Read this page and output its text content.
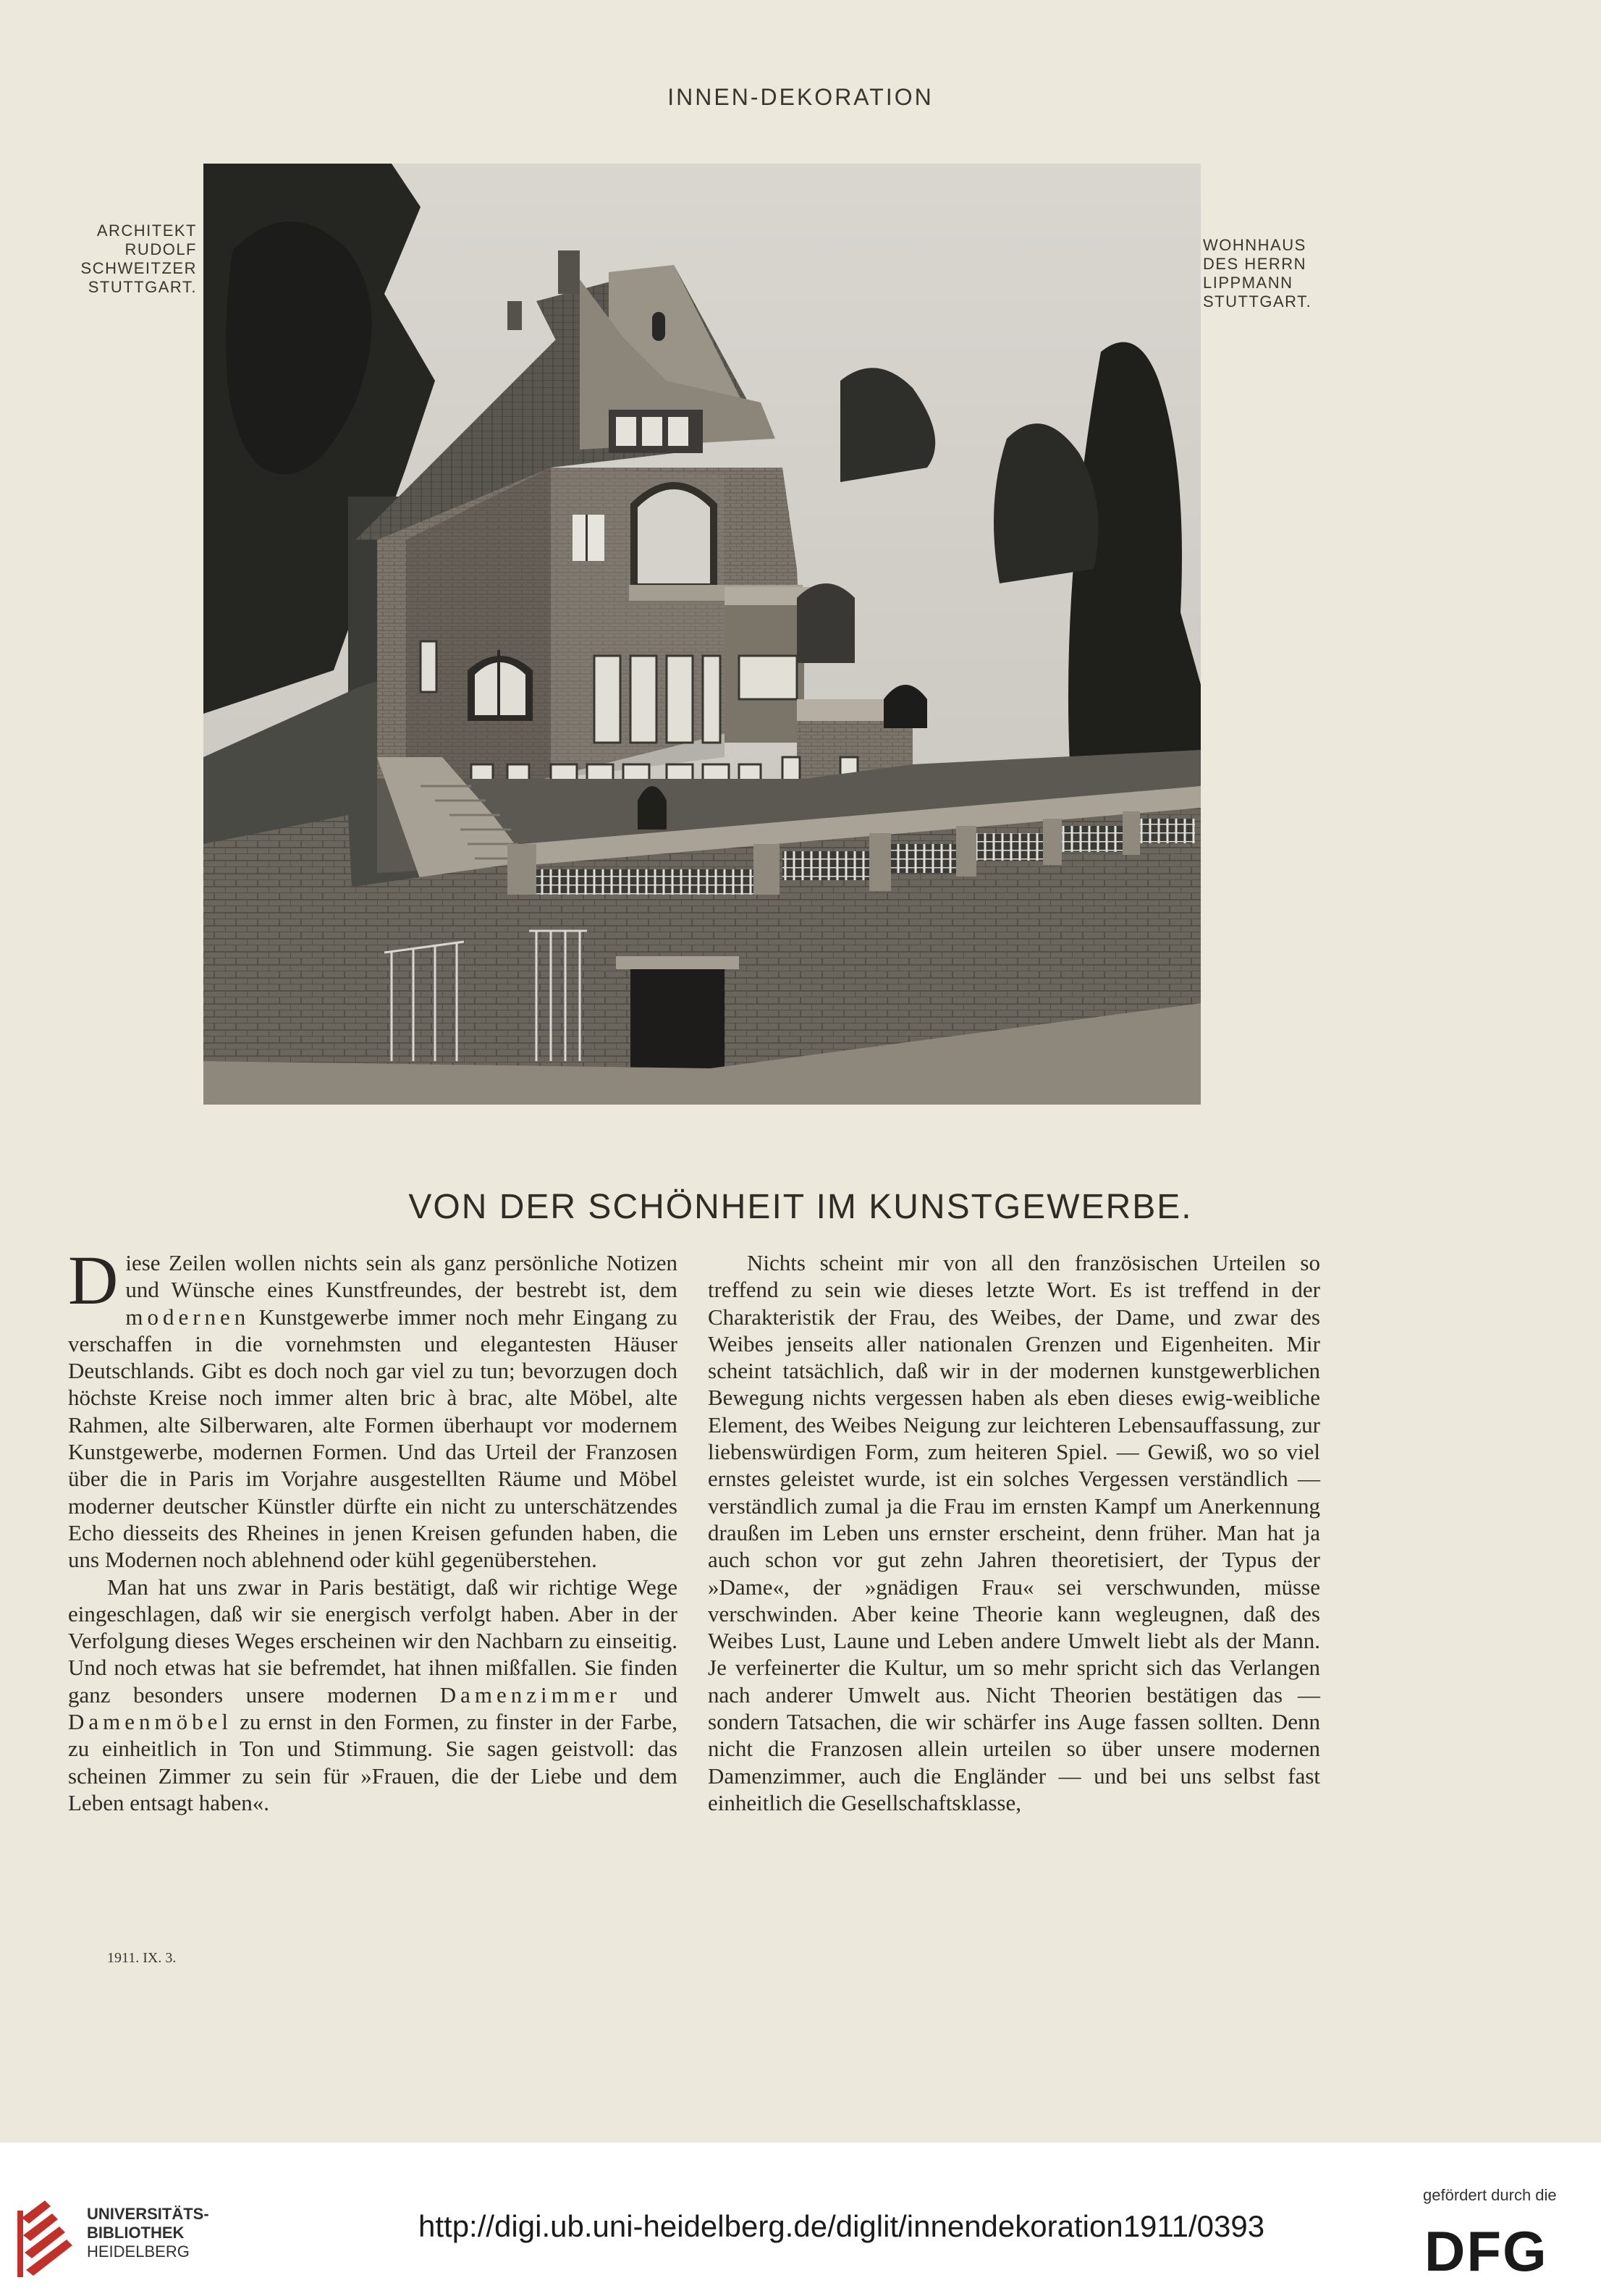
INNEN-DEKORATION
ARCHITEKT
RUDOLF
SCHWEITZER
STUTTGART.
WOHNHAUS
DES HERRN
LIPPMANN
STUTTGART.
VON DER SCHÖNHEIT IM KUNSTGEWERBE.

Diese Zeilen wollen nichts sein als ganz persönliche Notizen und Wünsche eines Kunstfreundes, der bestrebt ist, dem modernen Kunstgewerbe immer noch mehr Eingang zu verschaffen in die vornehmsten und elegantesten Häuser Deutschlands. Gibt es doch noch gar viel zu tun; bevorzugen doch höchste Kreise noch immer alten bric à brac, alte Möbel, alte Rahmen, alte Silberwaren, alte Formen überhaupt vor modernem Kunstgewerbe, modernen Formen. Und das Urteil der Franzosen über die in Paris im Vorjahre ausgestellten Räume und Möbel moderner deutscher Künstler dürfte ein nicht zu unterschätzendes Echo diesseits des Rheines in jenen Kreisen gefunden haben, die uns Modernen noch ablehnend oder kühl gegenüberstehen.

Man hat uns zwar in Paris bestätigt, daß wir richtige Wege eingeschlagen, daß wir sie energisch verfolgt haben. Aber in der Verfolgung dieses Weges erscheinen wir den Nachbarn zu einseitig. Und noch etwas hat sie befremdet, hat ihnen mißfallen. Sie finden ganz besonders unsere modernen Damenzimmer und Damenmöbel zu ernst in den Formen, zu finster in der Farbe, zu einheitlich in Ton und Stimmung. Sie sagen geistvoll: das scheinen Zimmer zu sein für »Frauen, die der Liebe und dem Leben entsagt haben«.

Nichts scheint mir von all den französischen Urteilen so treffend zu sein wie dieses letzte Wort. Es ist treffend in der Charakteristik der Frau, des Weibes, der Dame, und zwar des Weibes jenseits aller nationalen Grenzen und Eigenheiten. Mir scheint tatsächlich, daß wir in der modernen kunstgewerblichen Bewegung nichts vergessen haben als eben dieses ewig-weibliche Element, des Weibes Neigung zur leichteren Lebensauffassung, zur liebenswürdigen Form, zum heiteren Spiel. — Gewiß, wo so viel ernstes geleistet wurde, ist ein solches Vergessen verständlich — verständlich zumal ja die Frau im ernsten Kampf um Anerkennung draußen im Leben uns ernster erscheint, denn früher. Man hat ja auch schon vor gut zehn Jahren theoretisiert, der Typus der »Dame«, der »gnädigen Frau« sei verschwunden, müsse verschwinden. Aber keine Theorie kann wegleugnen, daß des Weibes Lust, Laune und Leben andere Umwelt liebt als der Mann. Je verfeinerter die Kultur, um so mehr spricht sich das Verlangen nach anderer Umwelt aus. Nicht Theorien bestätigen das — sondern Tatsachen, die wir schärfer ins Auge fassen sollten. Denn nicht die Franzosen allein urteilen so über unsere modernen Damenzimmer, auch die Engländer — und bei uns selbst fast einheitlich die Gesellschaftsklasse,

1911. IX. 3.
UNIVERSITÄTS-
BIBLIOTHEK
HEIDELBERG
http://digi.ub.uni-heidelberg.de/diglit/innendekoration1911/0393
gefördert durch die
DFG
